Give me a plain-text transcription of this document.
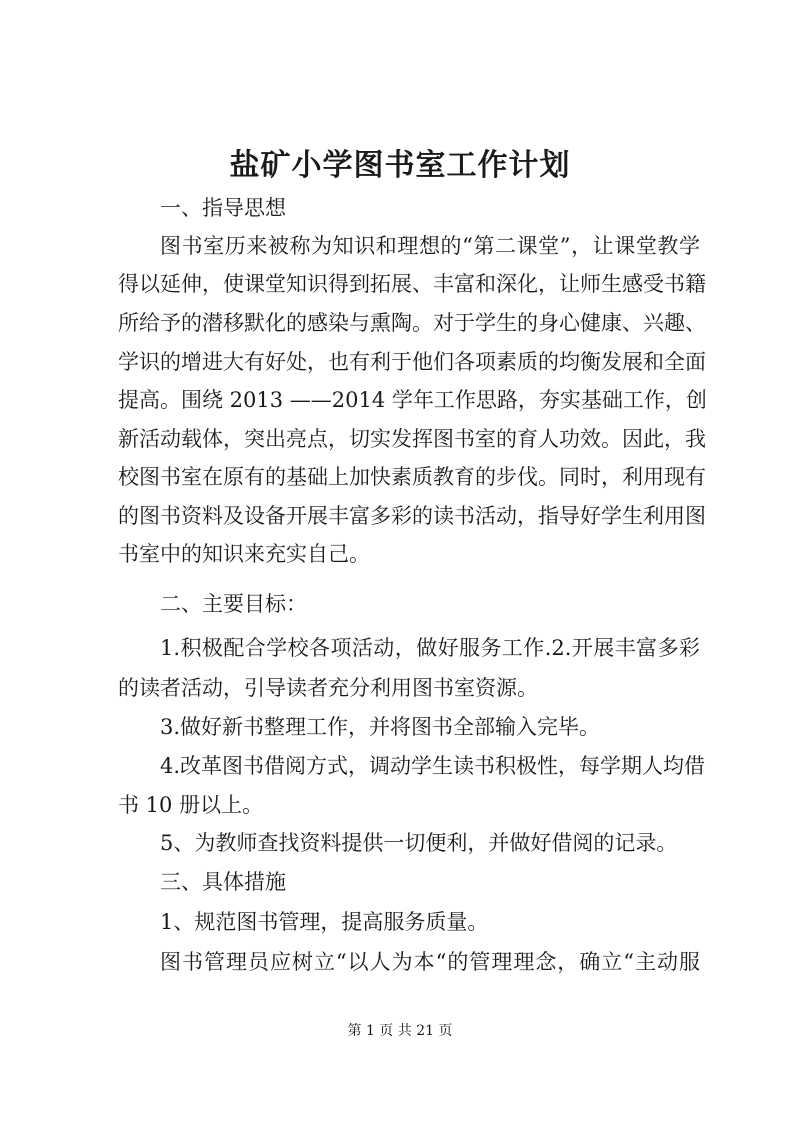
盐矿小学图书室工作计划
一、指导思想
图书室历来被称为知识和理想的“第二课堂”，让课堂教学
得以延伸，使课堂知识得到拓展、丰富和深化，让师生感受书籍
所给予的潜移默化的感染与熏陶。对于学生的身心健康、兴趣、
学识的增进大有好处，也有利于他们各项素质的均衡发展和全面
提高。围绕 2013 ——2014 学年工作思路，夯实基础工作，创
新活动载体，突出亮点，切实发挥图书室的育人功效。因此，我
校图书室在原有的基础上加快素质教育的步伐。同时，利用现有
的图书资料及设备开展丰富多彩的读书活动，指导好学生利用图
书室中的知识来充实自己。
二、主要目标：
1.积极配合学校各项活动，做好服务工作.2.开展丰富多彩
的读者活动，引导读者充分利用图书室资源。
3.做好新书整理工作，并将图书全部输入完毕。
4.改革图书借阅方式，调动学生读书积极性，每学期人均借
书 10 册以上。
5、为教师查找资料提供一切便利，并做好借阅的记录。
三、具体措施
1、规范图书管理，提高服务质量。
图书管理员应树立“以人为本“的管理理念，确立“主动服
第 1 页 共 21 页
